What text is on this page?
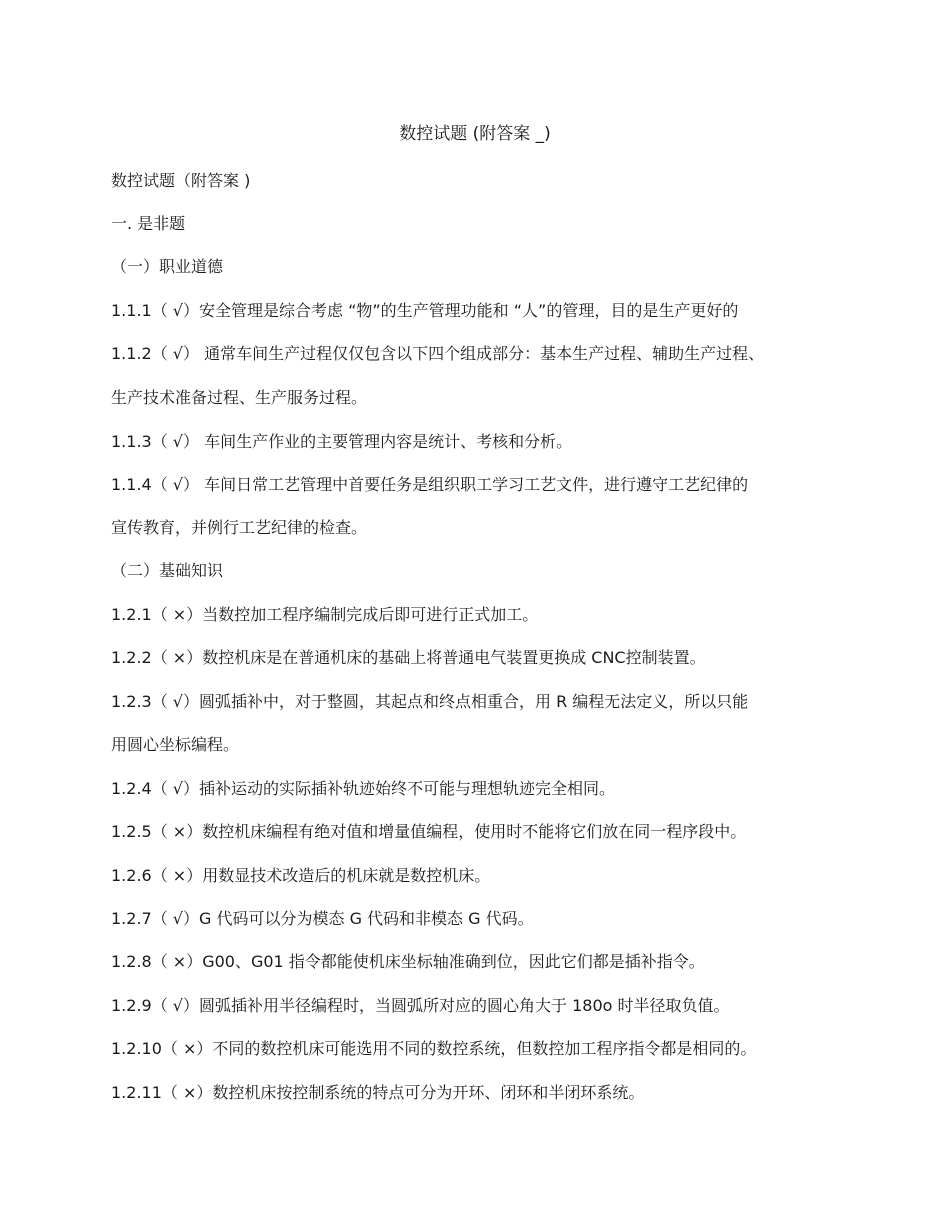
数控试题 (附答案 _)
数控试题（附答案 )
一. 是非题
（一）职业道德
1.1.1（ √）安全管理是综合考虑 “物”的生产管理功能和 “人”的管理，目的是生产更好的
1.1.2（ √） 通常车间生产过程仅仅包含以下四个组成部分：基本生产过程、辅助生产过程、
生产技术准备过程、生产服务过程。
1.1.3（ √） 车间生产作业的主要管理内容是统计、考核和分析。
1.1.4（ √） 车间日常工艺管理中首要任务是组织职工学习工艺文件，进行遵守工艺纪律的
宣传教育，并例行工艺纪律的检查。
（二）基础知识
1.2.1（ ×）当数控加工程序编制完成后即可进行正式加工。
1.2.2（ ×）数控机床是在普通机床的基础上将普通电气装置更换成 CNC控制装置。
1.2.3（ √）圆弧插补中，对于整圆，其起点和终点相重合，用 R 编程无法定义，所以只能
用圆心坐标编程。
1.2.4（ √）插补运动的实际插补轨迹始终不可能与理想轨迹完全相同。
1.2.5（ ×）数控机床编程有绝对值和增量值编程，使用时不能将它们放在同一程序段中。
1.2.6（ ×）用数显技术改造后的机床就是数控机床。
1.2.7（ √）G 代码可以分为模态 G 代码和非模态 G 代码。
1.2.8（ ×）G00、G01 指令都能使机床坐标轴准确到位，因此它们都是插补指令。
1.2.9（ √）圆弧插补用半径编程时，当圆弧所对应的圆心角大于 180o 时半径取负值。
1.2.10（ ×）不同的数控机床可能选用不同的数控系统，但数控加工程序指令都是相同的。
1.2.11（ ×）数控机床按控制系统的特点可分为开环、闭环和半闭环系统。
